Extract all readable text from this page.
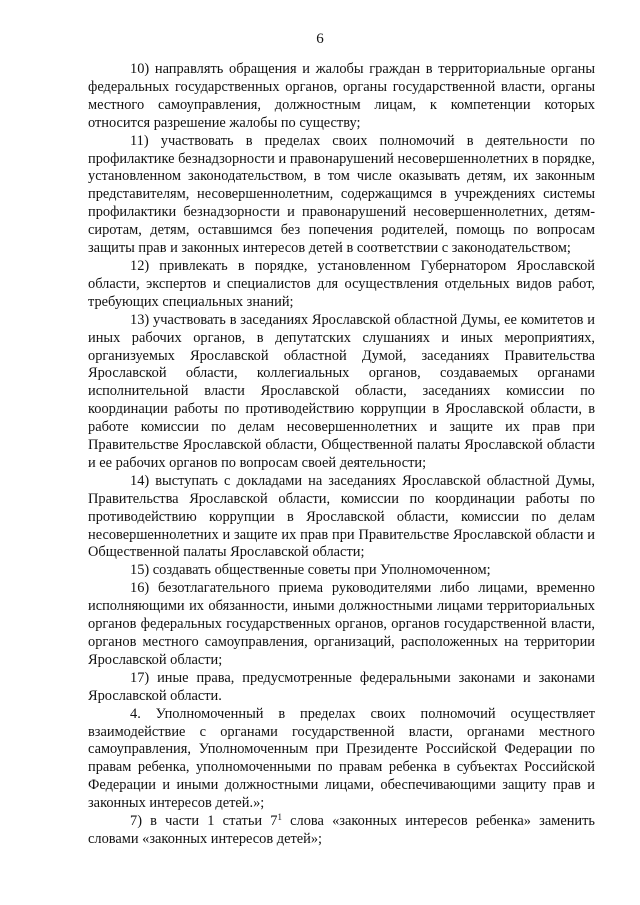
6

10) направлять обращения и жалобы граждан в территориальные органы федеральных государственных органов, органы государственной власти, органы местного самоуправления, должностным лицам, к компетенции которых относится разрешение жалобы по существу;

11) участвовать в пределах своих полномочий в деятельности по профилактике безнадзорности и правонарушений несовершеннолетних в порядке, установленном законодательством, в том числе оказывать детям, их законным представителям, несовершеннолетним, содержащимся в учреждениях системы профилактики безнадзорности и правонарушений несовершеннолетних, детям-сиротам, детям, оставшимся без попечения родителей, помощь по вопросам защиты прав и законных интересов детей в соответствии с законодательством;

12) привлекать в порядке, установленном Губернатором Ярославской области, экспертов и специалистов для осуществления отдельных видов работ, требующих специальных знаний;

13) участвовать в заседаниях Ярославской областной Думы, ее комитетов и иных рабочих органов, в депутатских слушаниях и иных мероприятиях, организуемых Ярославской областной Думой, заседаниях Правительства Ярославской области, коллегиальных органов, создаваемых органами исполнительной власти Ярославской области, заседаниях комиссии по координации работы по противодействию коррупции в Ярославской области, в работе комиссии по делам несовершеннолетних и защите их прав при Правительстве Ярославской области, Общественной палаты Ярославской области и ее рабочих органов по вопросам своей деятельности;

14) выступать с докладами на заседаниях Ярославской областной Думы, Правительства Ярославской области, комиссии по координации работы по противодействию коррупции в Ярославской области, комиссии по делам несовершеннолетних и защите их прав при Правительстве Ярославской области и Общественной палаты Ярославской области;

15) создавать общественные советы при Уполномоченном;

16) безотлагательного приема руководителями либо лицами, временно исполняющими их обязанности, иными должностными лицами территориальных органов федеральных государственных органов, органов государственной власти, органов местного самоуправления, организаций, расположенных на территории Ярославской области;

17) иные права, предусмотренные федеральными законами и законами Ярославской области.

4. Уполномоченный в пределах своих полномочий осуществляет взаимодействие с органами государственной власти, органами местного самоуправления, Уполномоченным при Президенте Российской Федерации по правам ребенка, уполномоченными по правам ребенка в субъектах Российской Федерации и иными должностными лицами, обеспечивающими защиту прав и законных интересов детей.»;

7) в части 1 статьи $7^1$ слова «законных интересов ребенка» заменить словами «законных интересов детей»;
